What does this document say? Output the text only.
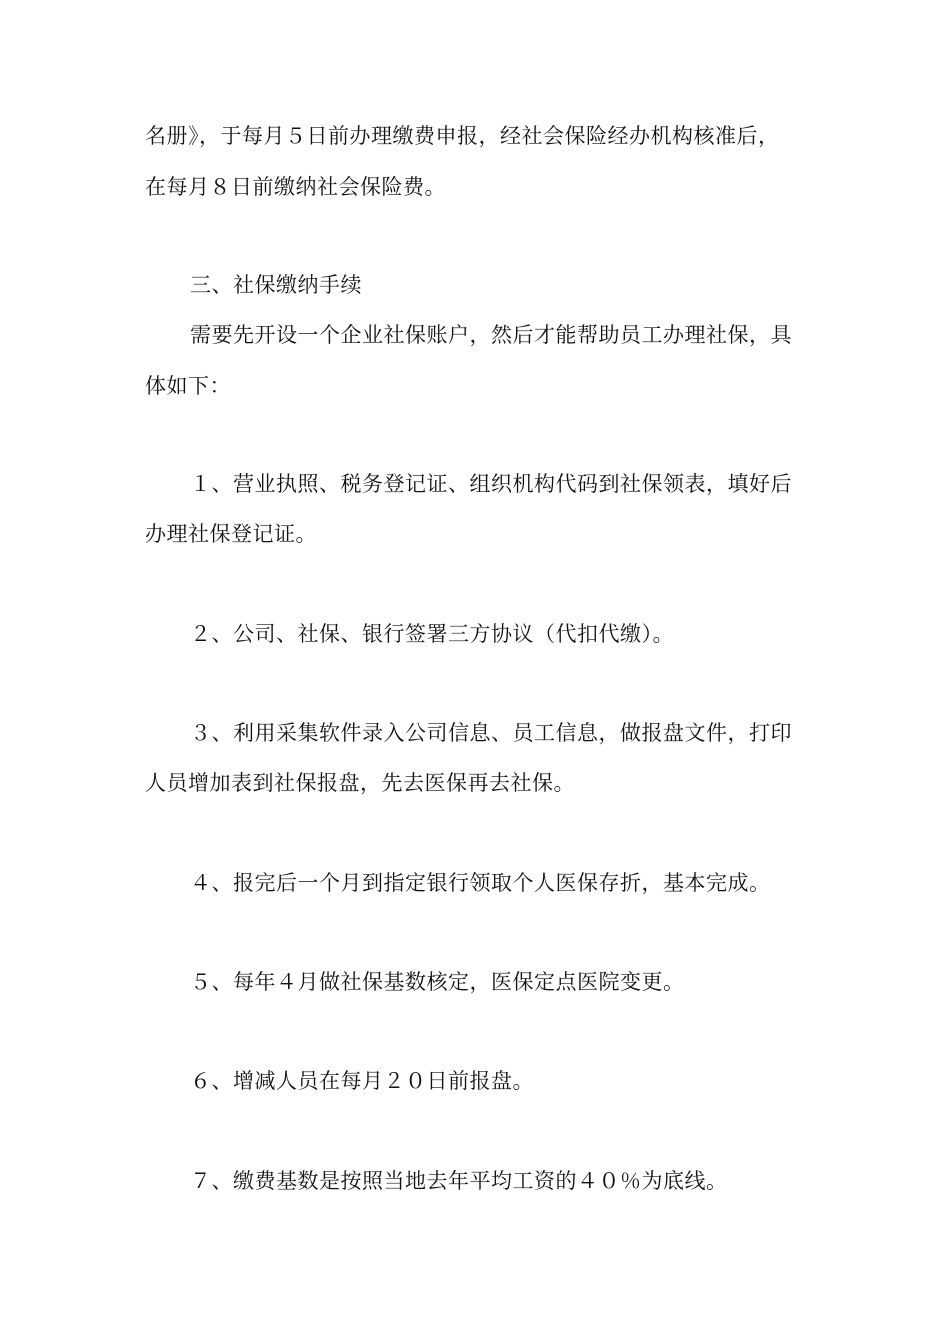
名册》，于每月５日前办理缴费申报，经社会保险经办机构核准后，
在每月８日前缴纳社会保险费。
三、社保缴纳手续
需要先开设一个企业社保账户，然后才能帮助员工办理社保，具
体如下：
１、营业执照、税务登记证、组织机构代码到社保领表，填好后
办理社保登记证。
２、公司、社保、银行签署三方协议（代扣代缴）。
３、利用采集软件录入公司信息、员工信息，做报盘文件，打印
人员增加表到社保报盘，先去医保再去社保。
４、报完后一个月到指定银行领取个人医保存折，基本完成。
５、每年４月做社保基数核定，医保定点医院变更。
６、增减人员在每月２０日前报盘。
７、缴费基数是按照当地去年平均工资的４０％为底线。
